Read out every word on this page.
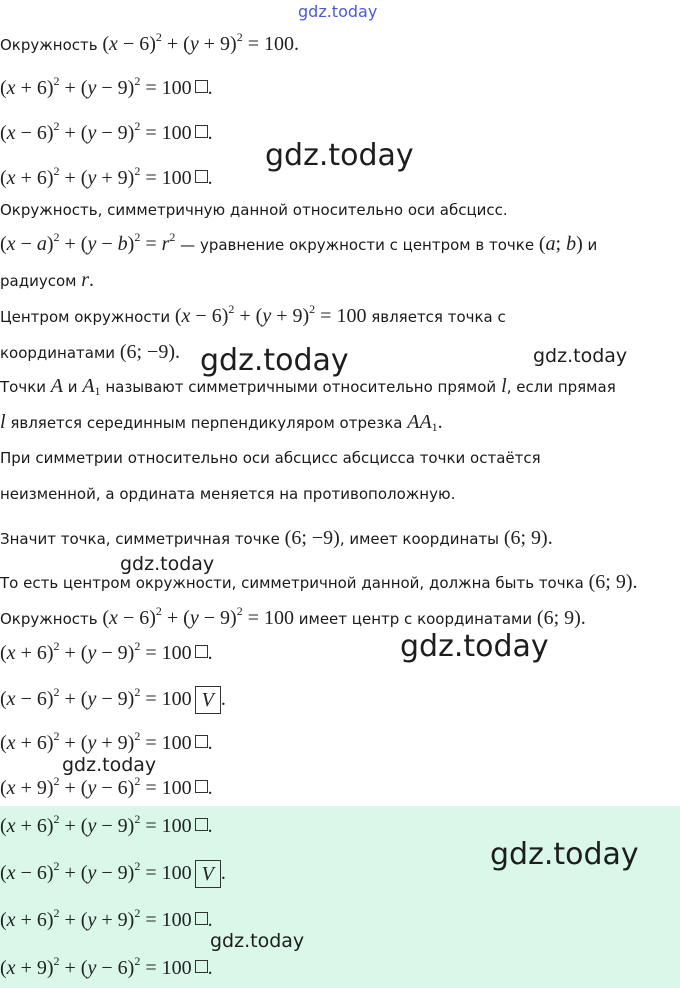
gdz.today
gdz.today
gdz.today	gdz.today
gdz.today
gdz.today
gdz.today
gdz.today
gdz.today
Окружность $(x - 6)^2 + (y + 9)^2 = 100$.
$(x + 6)^2 + (y - 9)^2 = 100$ .
$(x - 6)^2 + (y - 9)^2 = 100$ .
$(x + 6)^2 + (y + 9)^2 = 100$ .
Окружность, симметричную данной относительно оси абсцисс.
$(x - a)^2 + (y - b)^2 = r^2$ — уравнение окружности с центром в точке (a; b) и
радиусом r.
Центром окружности $(x - 6)^2 + (y + 9)^2 = 100$ является точка с
координатами (6; −9).
Точки A и $A_1$ называют симметричными относительно прямой l, если прямая
l является серединным перпендикуляром отрезка $AA_1$.
При симметрии относительно оси абсцисс абсцисса точки остаётся
неизменной, а ордината меняется на противоположную.
Значит точка, симметричная точке (6; −9), имеет координаты (6; 9).
То есть центром окружности, симметричной данной, должна быть точка (6; 9).
Окружность $(x - 6)^2 + (y - 9)^2 = 100$ имеет центр с координатами (6; 9).
$(x + 6)^2 + (y - 9)^2 = 100$ .
$(x - 6)^2 + (y - 9)^2 = 100$ V .
$(x + 6)^2 + (y + 9)^2 = 100$ .
$(x + 9)^2 + (y - 6)^2 = 100$ .
$(x + 6)^2 + (y - 9)^2 = 100$ .
$(x - 6)^2 + (y - 9)^2 = 100$ V .
$(x + 6)^2 + (y + 9)^2 = 100$ .
$(x + 9)^2 + (y - 6)^2 = 100$ .
